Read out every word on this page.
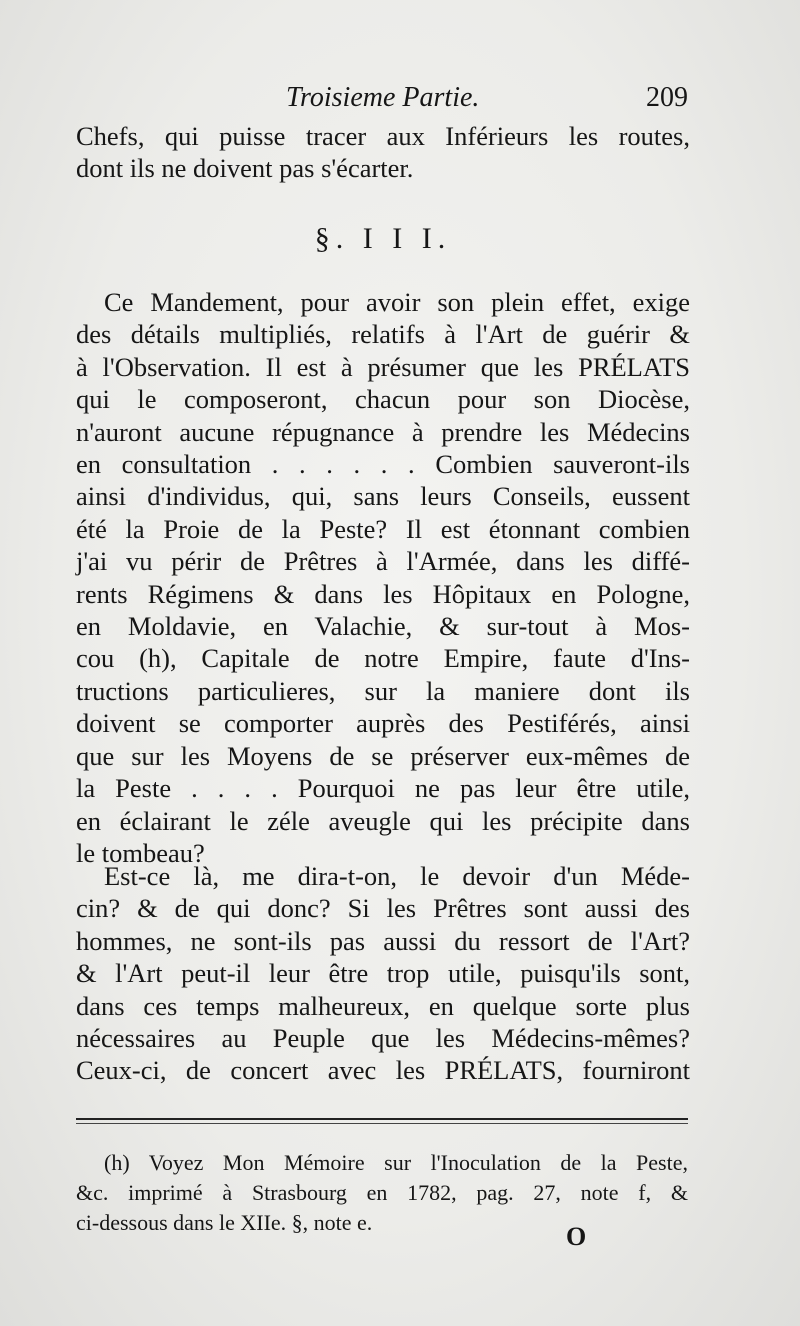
Troisieme Partie.	209
Chefs, qui puisse tracer aux Inférieurs les routes,
dont ils ne doivent pas s'écarter.
§. I I I.
Ce Mandement, pour avoir son plein effet, exige
des détails multipliés, relatifs à l'Art de guérir &
à l'Observation. Il est à présumer que les PRÉLATS
qui le composeront, chacun pour son Diocèse,
n'auront aucune répugnance à prendre les Médecins
en consultation . . . . . . Combien sauveront-ils
ainsi d'individus, qui, sans leurs Conseils, eussent
été la Proie de la Peste? Il est étonnant combien
j'ai vu périr de Prêtres à l'Armée, dans les diffé-
rents Régimens & dans les Hôpitaux en Pologne,
en Moldavie, en Valachie, & sur-tout à Mos-
cou (h), Capitale de notre Empire, faute d'Ins-
tructions particulieres, sur la maniere dont ils
doivent se comporter auprès des Pestiférés, ainsi
que sur les Moyens de se préserver eux-mêmes de
la Peste . . . . Pourquoi ne pas leur être utile,
en éclairant le zéle aveugle qui les précipite dans
le tombeau?
Est-ce là, me dira-t-on, le devoir d'un Méde-
cin? & de qui donc? Si les Prêtres sont aussi des
hommes, ne sont-ils pas aussi du ressort de l'Art?
& l'Art peut-il leur être trop utile, puisqu'ils sont,
dans ces temps malheureux, en quelque sorte plus
nécessaires au Peuple que les Médecins-mêmes?
Ceux-ci, de concert avec les PRÉLATS, fourniront
(h) Voyez Mon Mémoire sur l'Inoculation de la Peste,
&c. imprimé à Strasbourg en 1782, pag. 27, note f, &
ci-dessous dans le XIIe. §, note e.	O
